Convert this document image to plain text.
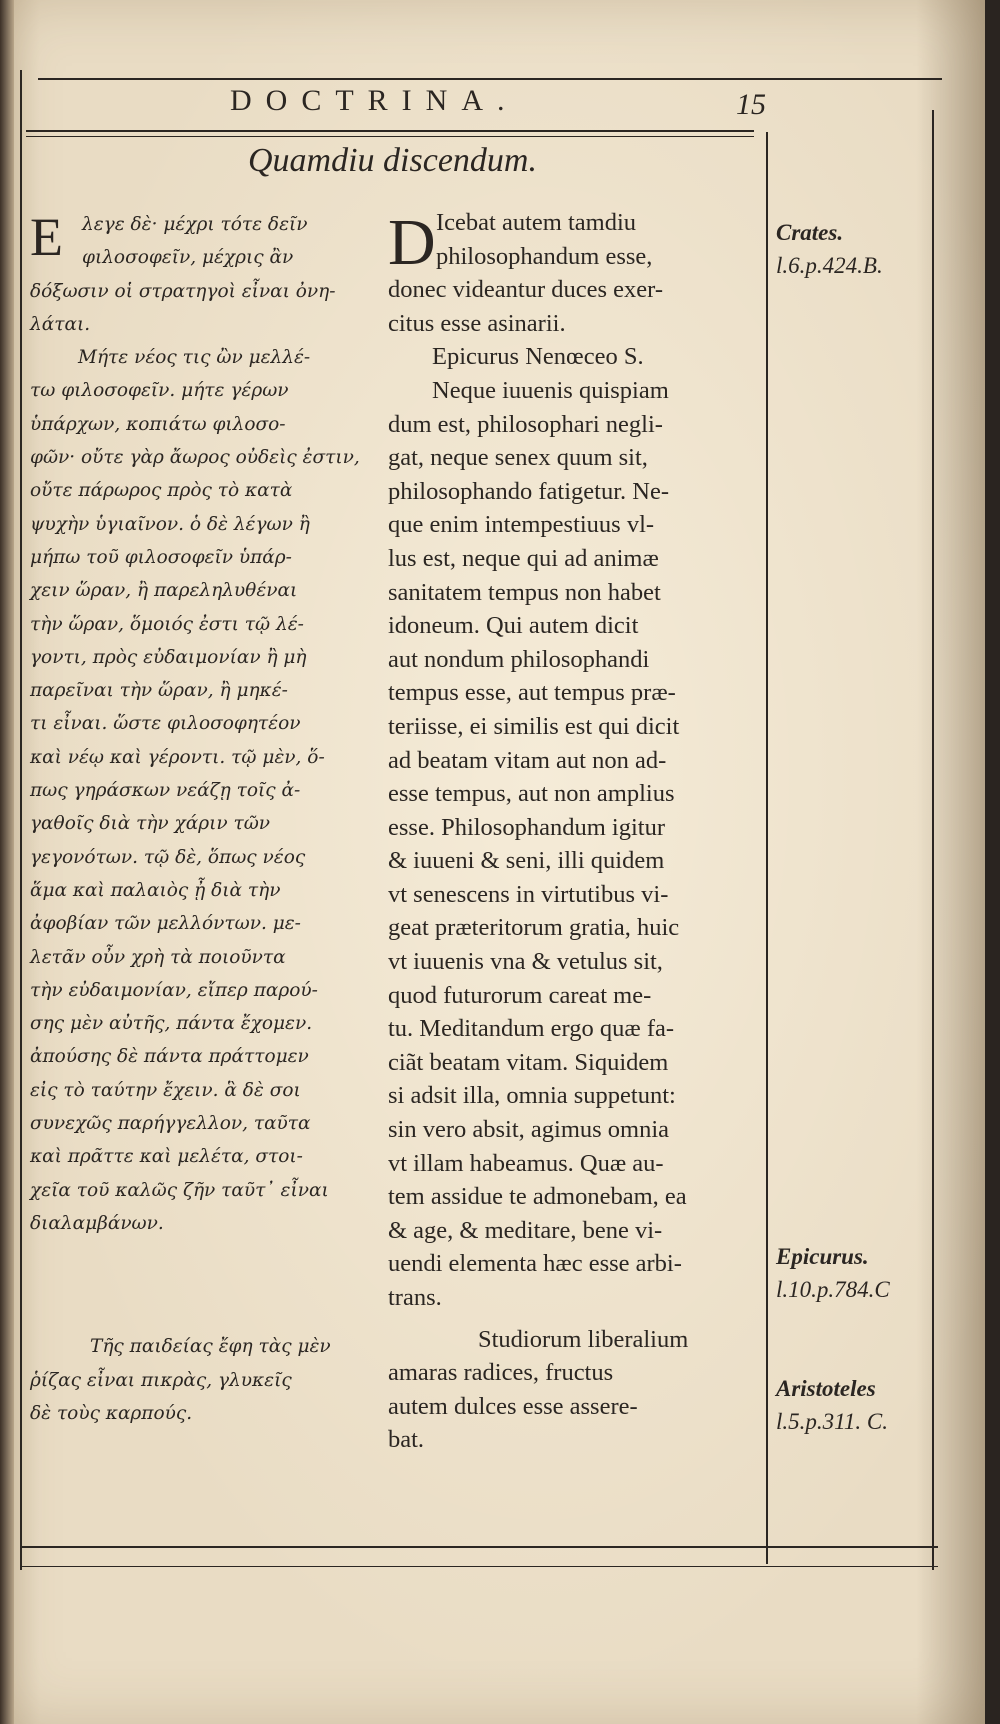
DOCTRINA.	15
Quamdiu discendum.

E λεγε δὲ· μέχρι τότε δεῖν

φιλοσοφεῖν, μέχρις ἂν

δόξωσιν οἱ στρατηγοὶ εἶναι ὀνη-

λάται.

Μήτε νέος τις ὢν μελλέ-

τω φιλοσοφεῖν. μήτε γέρων

ὑπάρχων, κοπιάτω φιλοσο-

φῶν· οὔτε γὰρ ἄωρος οὐδεὶς ἐστιν,

οὔτε πάρωρος πρὸς τὸ κατὰ

ψυχὴν ὑγιαῖνον. ὁ δὲ λέγων ἢ

μήπω τοῦ φιλοσοφεῖν ὑπάρ-

χειν ὥραν, ἢ παρεληλυθέναι

τὴν ὥραν, ὅμοιός ἐστι τῷ λέ-

γοντι, πρὸς εὐδαιμονίαν ἢ μὴ

παρεῖναι τὴν ὥραν, ἢ μηκέ-

τι εἶναι. ὥστε φιλοσοφητέον

καὶ νέῳ καὶ γέροντι. τῷ μὲν, ὅ-

πως γηράσκων νεάζῃ τοῖς ἀ-

γαθοῖς διὰ τὴν χάριν τῶν

γεγονότων. τῷ δὲ, ὅπως νέος

ἅμα καὶ παλαιὸς ᾖ διὰ τὴν

ἀφοβίαν τῶν μελλόντων. με-

λετᾶν οὖν χρὴ τὰ ποιοῦντα

τὴν εὐδαιμονίαν, εἴπερ παρού-

σης μὲν αὐτῆς, πάντα ἔχομεν.

ἀπούσης δὲ πάντα πράττομεν

εἰς τὸ ταύτην ἔχειν. ἃ δὲ σοι

συνεχῶς παρήγγελλον, ταῦτα

καὶ πρᾶττε καὶ μελέτα, στοι-

χεῖα τοῦ καλῶς ζῆν ταῦτ᾽ εἶναι

διαλαμβάνων.

Τῆς παιδείας ἔφη τὰς μὲν

ῥίζας εἶναι πικρὰς, γλυκεῖς

δὲ τοὺς καρπούς.

D Icebat autem tamdiu

philosophandum esse,

donec videantur duces exer-

citus esse asinarii.

Epicurus Nenœceo S.

Neque iuuenis quispiam

dum est, philosophari negli-

gat, neque senex quum sit,

philosophando fatigetur. Ne-

que enim intempestiuus vl-

lus est, neque qui ad animæ

sanitatem tempus non habet

idoneum. Qui autem dicit

aut nondum philosophandi

tempus esse, aut tempus præ-

teriisse, ei similis est qui dicit

ad beatam vitam aut non ad-

esse tempus, aut non amplius

esse. Philosophandum igitur

& iuueni & seni, illi quidem

vt senescens in virtutibus vi-

geat præteritorum gratia, huic

vt iuuenis vna & vetulus sit,

quod futurorum careat me-

tu. Meditandum ergo quæ fa-

ciãt beatam vitam. Siquidem

si adsit illa, omnia suppetunt:

sin vero absit, agimus omnia

vt illam habeamus. Quæ au-

tem assidue te admonebam, ea

& age, & meditare, bene vi-

uendi elementa hæc esse arbi-

trans.

Studiorum liberalium

amaras radices, fructus

autem dulces esse assere-

bat.

Crates.
l.6.p.424.B.
Epicurus.
l.10.p.784.C
Aristoteles
l.5.p.311. C.
